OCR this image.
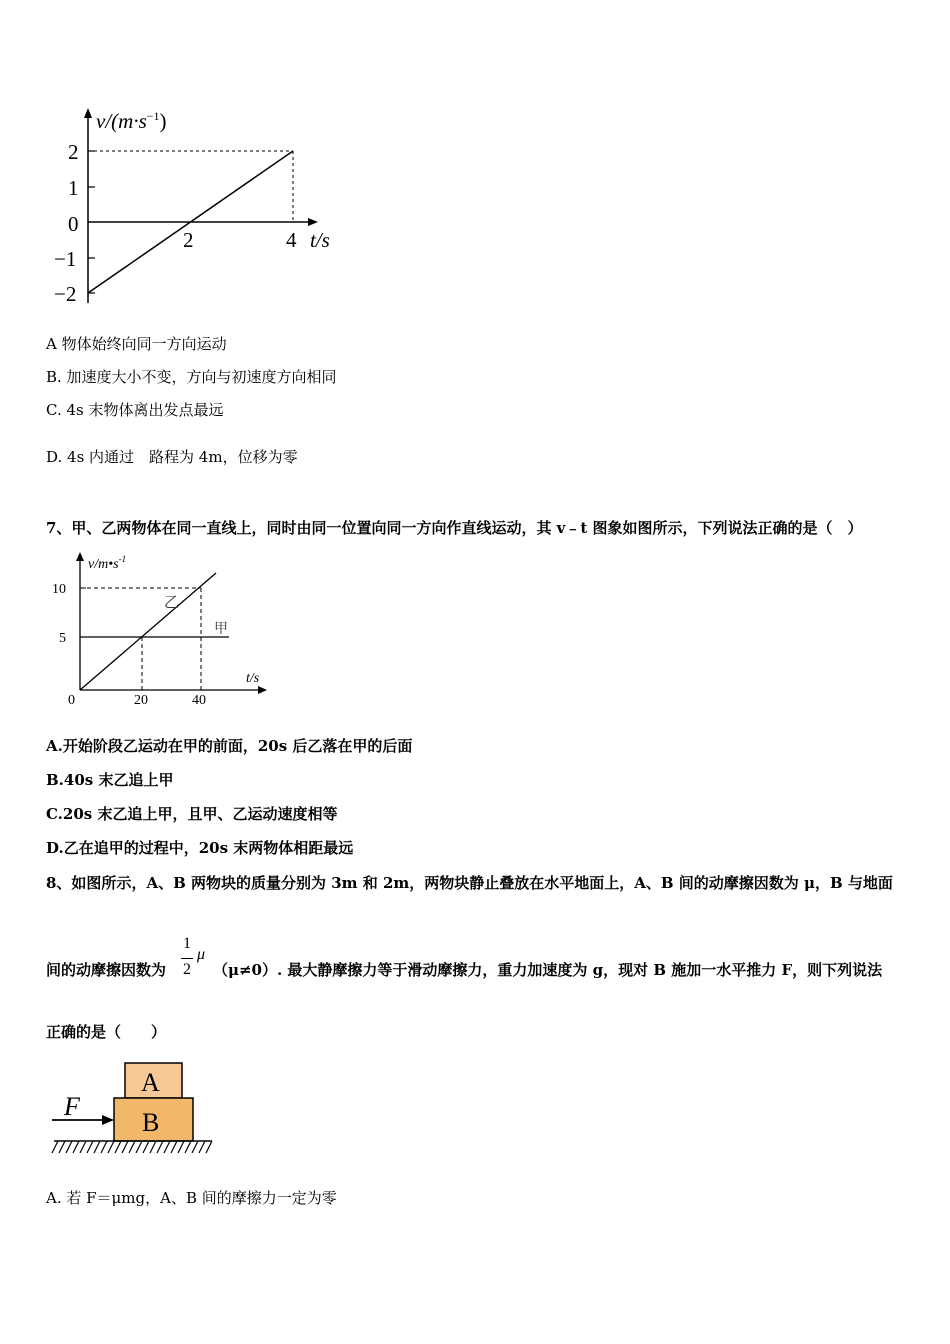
$v/(m\cdot s^{-1})$
2
1
0
−1
−2
2	4 t/s
A 物体始终向同一方向运动
B. 加速度大小不变，方向与初速度方向相同
C. 4s 末物体离出发点最远
D. 4s 内通过　路程为 4m，位移为零
7、甲、乙两物体在同一直线上，同时由同一位置向同一方向作直线运动，其 v﹣t 图象如图所示，下列说法正确的是（　）
$v/m•s^{-1}$
10
5
0	20	40
t/s
乙
甲
A.开始阶段乙运动在甲的前面，20s 后乙落在甲的后面
B.40s 末乙追上甲
C.20s 末乙追上甲，且甲、乙运动速度相等
D.乙在追甲的过程中，20s 末两物体相距最远
8、如图所示，A、B 两物块的质量分别为 3m 和 2m，两物块静止叠放在水平地面上，A、B 间的动摩擦因数为 μ，B 与地面
间的动摩擦因数为
1
2
μ
（μ≠0）. 最大静摩擦力等于滑动摩擦力，重力加速度为 g，现对 B 施加一水平推力 F，则下列说法
正确的是（　　）
F
A
B
A. 若 F＝μmg，A、B 间的摩擦力一定为零
